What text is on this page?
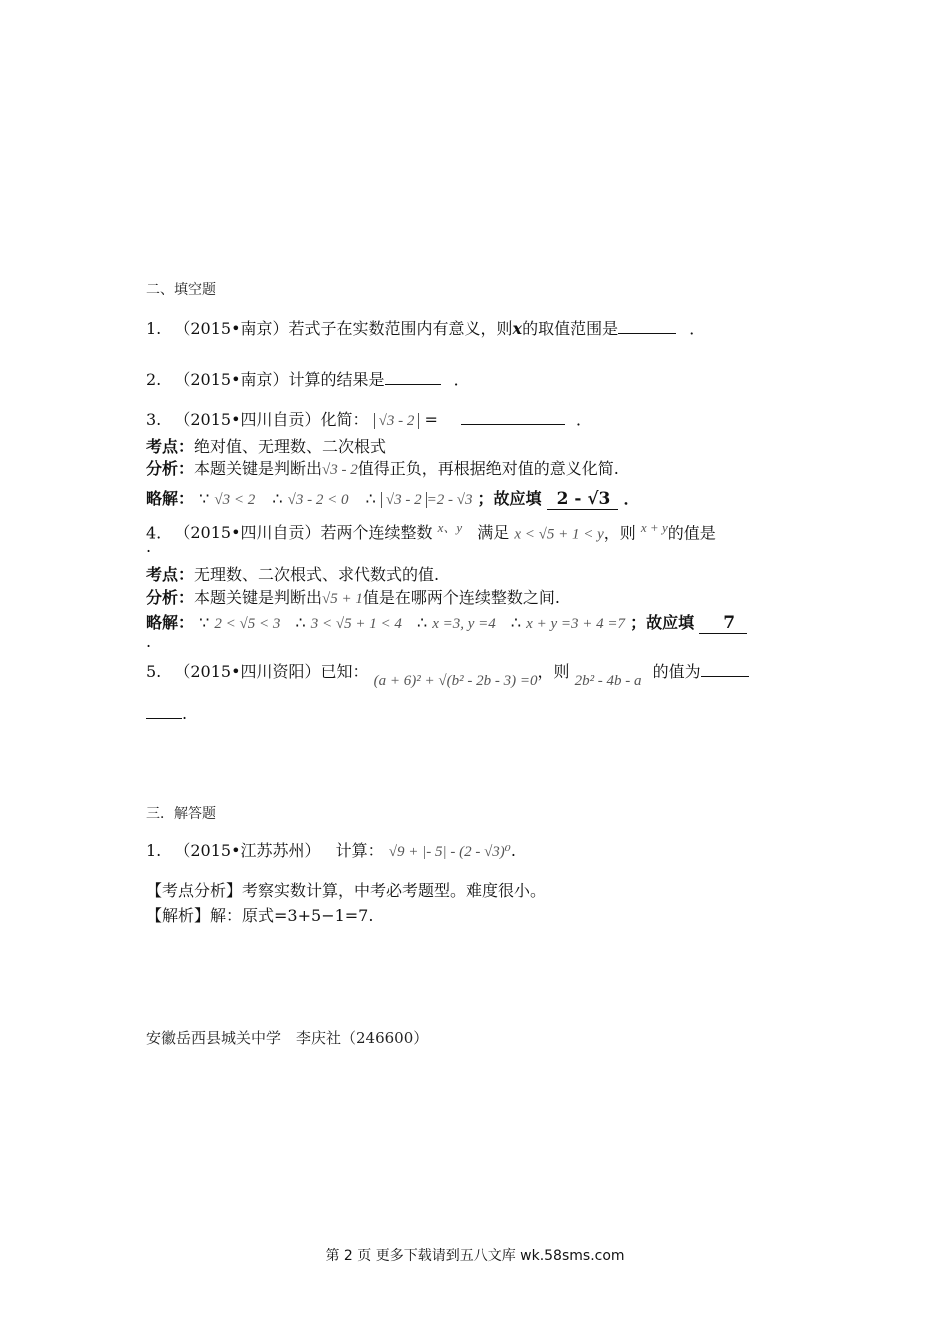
二、填空题
1. （2015•南京）若式子在实数范围内有意义，则x的取值范围是	．
2. （2015•南京）计算的结果是	．
3. （2015•四川自贡）化简： √3 - 2 =	．
考点：绝对值、无理数、二次根式
分析：本题关键是判断出√3 - 2值得正负，再根据绝对值的意义化简.
略解： ∵ √3 < 2 ∴ √3 - 2 < 0 ∴ √3 - 2 =2 - √3 ；故应填 2 - √3 ．
4. （2015•四川自贡）若两个连续整数 $^{x、y}$ 满足 x < √5 + 1 < y，则 $^{x + y}$的值是
.
考点：无理数、二次根式、求代数式的值.
分析：本题关键是判断出√5 + 1值是在哪两个连续整数之间.
略解： ∵ 2 < √5 < 3 ∴ 3 < √5 + 1 < 4 ∴ x =3, y =4 ∴ x + y =3 + 4 =7 ；故应填 7
.
5. （2015•四川资阳）已知： (a + 6)² + √(b² - 2b - 3) =0，则 2b² - 4b - a 的值为
.
三．解答题
1. （2015•江苏苏州） 计算： √9 + |- 5| - (2 - √3)⁰.
【考点分析】考察实数计算，中考必考题型。难度很小。
【解析】解：原式=3+5−1=7.
安徽岳西县城关中学　李庆社（246600）
第 2 页 更多下载请到五八文库 wk.58sms.com
